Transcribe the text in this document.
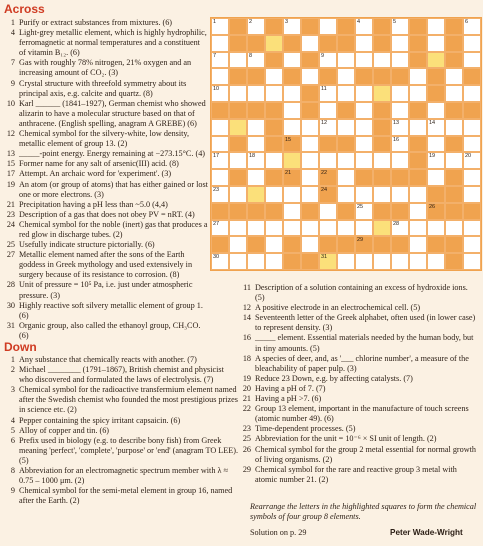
Across
1 Purify or extract substances from mixtures. (6)
4 Light-grey metallic element, which is highly hydrophilic, ferromagnetic at normal temperatures and a constituent of vitamin B₁₂. (6)
7 Gas with roughly 78% nitrogen, 21% oxygen and an increasing amount of CO₂. (3)
9 Crystal structure with threefold symmetry about its principal axis, e.g. calcite and quartz. (8)
10 Karl ______ (1841–1927), German chemist who showed alizarin to have a molecular structure based on that of anthracene. (English spelling, anagram A GREBE) (6)
12 Chemical symbol for the silvery-white, low density, metallic element of group 13. (2)
13 _____-point energy. Energy remaining at −273.15°C. (4)
15 Former name for any salt of arsenic(III) acid. (8)
17 Attempt. An archaic word for 'experiment'. (3)
19 An atom (or group of atoms) that has either gained or lost one or more electrons. (3)
21 Precipitation having a pH less than ~5.0 (4,4)
23 Description of a gas that does not obey PV = nRT. (4)
24 Chemical symbol for the noble (inert) gas that produces a red glow in discharge tubes. (2)
25 Usefully indicate structure pictorially. (6)
27 Metallic element named after the sons of the Earth goddess in Greek mythology and used extensively in surgery because of its resistance to corrosion. (8)
28 Unit of pressure = 10⁵ Pa, i.e. just under atmospheric pressure. (3)
30 Highly reactive soft silvery metallic element of group 1. (6)
31 Organic group, also called the ethanoyl group, CH₃CO. (6)
Down
1 Any substance that chemically reacts with another. (7)
2 Michael ________ (1791–1867), British chemist and physicist who discovered and formulated the laws of electrolysis. (7)
3 Chemical symbol for the radioactive transfermium element named after the Swedish chemist who founded the most prestigious prizes in science etc. (2)
4 Pepper containing the spicy irritant capsaicin. (6)
5 Alloy of copper and tin. (6)
6 Prefix used in biology (e.g. to describe bony fish) from Greek meaning 'perfect', 'complete', 'purpose' or 'end' (anagram TO LEE). (5)
8 Abbreviation for an electromagnetic spectrum member with λ ≈ 0.75 – 1000 μm. (2)
9 Chemical symbol for the semi-metal element in group 16, named after the Earth. (2)
11 Description of a solution containing an excess of hydroxide ions. (5)
12 A positive electrode in an electrochemical cell. (5)
14 Seventeenth letter of the Greek alphabet, often used (in lower case) to represent density. (3)
16 _____ element. Essential materials needed by the human body, but in tiny amounts. (5)
18 A species of deer, and, as '___ chlorine number', a measure of the bleachability of paper pulp. (3)
19 Reduce 23 Down, e.g. by affecting catalysts. (7)
20 Having a pH of 7. (7)
21 Having a pH >7. (6)
22 Group 13 element, important in the manufacture of touch screens (atomic number 49). (6)
23 Time-dependent processes. (5)
25 Abbreviation for the unit = 10⁻⁶ × SI unit of length. (2)
26 Chemical symbol for the group 2 metal essential for normal growth of living organisms. (2)
29 Chemical symbol for the rare and reactive group 3 metal with atomic number 21. (2)
1	2	3	4	5	6
7	8	9
10	11
12	13	14
15	16
17	18	19	20
21	22
23	24
25	26
27	28
29
30	31
Rearrange the letters in the highlighted squares to form the chemical symbols of four group 8 elements.
Solution on p. 29	Peter Wade-Wright
